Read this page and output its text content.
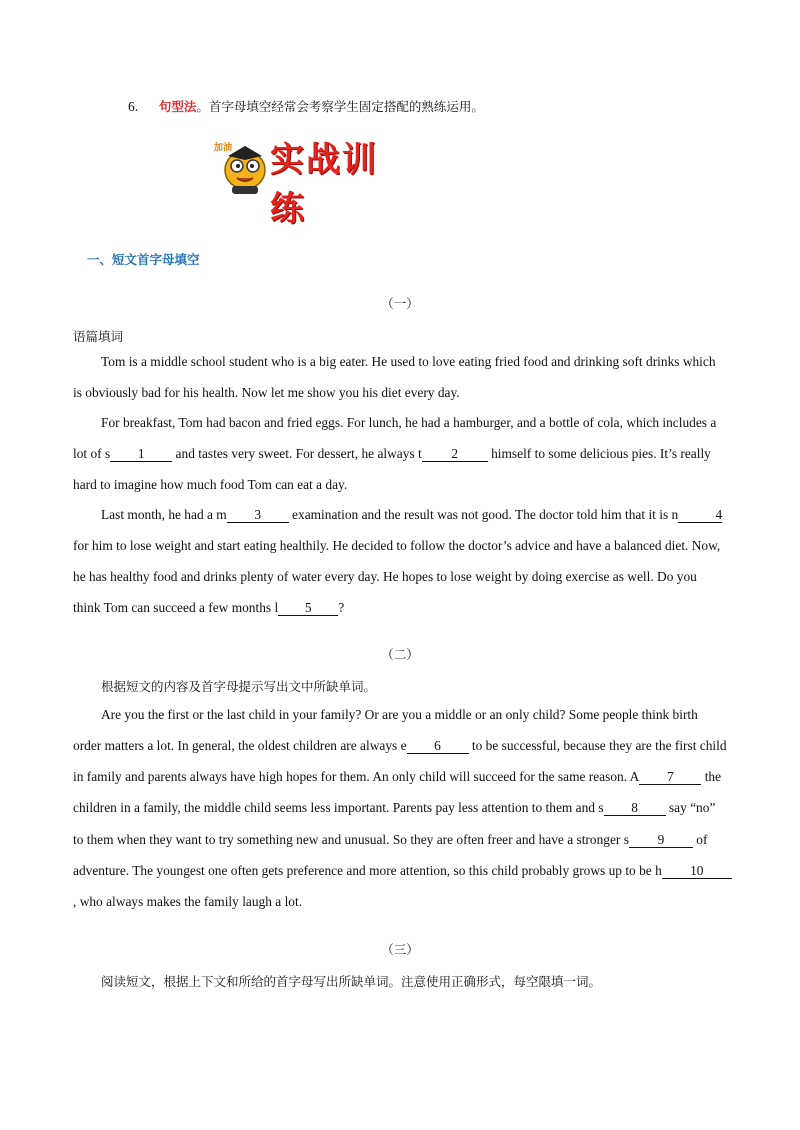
6. 句型法。首字母填空经常会考察学生固定搭配的熟练运用。
加油 实战训练
一、短文首字母填空
（一）
语篇填词
Tom is a middle school student who is a big eater. He used to love eating fried food and drinking soft drinks which
is obviously bad for his health. Now let me show you his diet every day.
For breakfast, Tom had bacon and fried eggs. For lunch, he had a hamburger, and a bottle of cola, which includes a
lot of s 1 and tastes very sweet. For dessert, he always t 2 himself to some delicious pies. It’s really
hard to imagine how much food Tom can eat a day.
Last month, he had a m 3 examination and the result was not good. The doctor told him that it is n	4
for him to lose weight and start eating healthily. He decided to follow the doctor’s advice and have a balanced diet. Now,
he has healthy food and drinks plenty of water every day. He hopes to lose weight by doing exercise as well. Do you
think Tom can succeed a few months l 5 ?
（二）
根据短文的内容及首字母提示写出文中所缺单词。
Are you the first or the last child in your family? Or are you a middle or an only child? Some people think birth
order matters a lot. In general, the oldest children are always e 6 to be successful, because they are the first child
in family and parents always have high hopes for them. An only child will succeed for the same reason. A 7 the
children in a family, the middle child seems less important. Parents pay less attention to them and s 8 say “no”
to them when they want to try something new and unusual. So they are often freer and have a stronger s 9 of
adventure. The youngest one often gets preference and more attention, so this child probably grows up to be h 10
, who always makes the family laugh a lot.
（三）
阅读短文，根据上下文和所给的首字母写出所缺单词。注意使用正确形式，每空限填一词。
